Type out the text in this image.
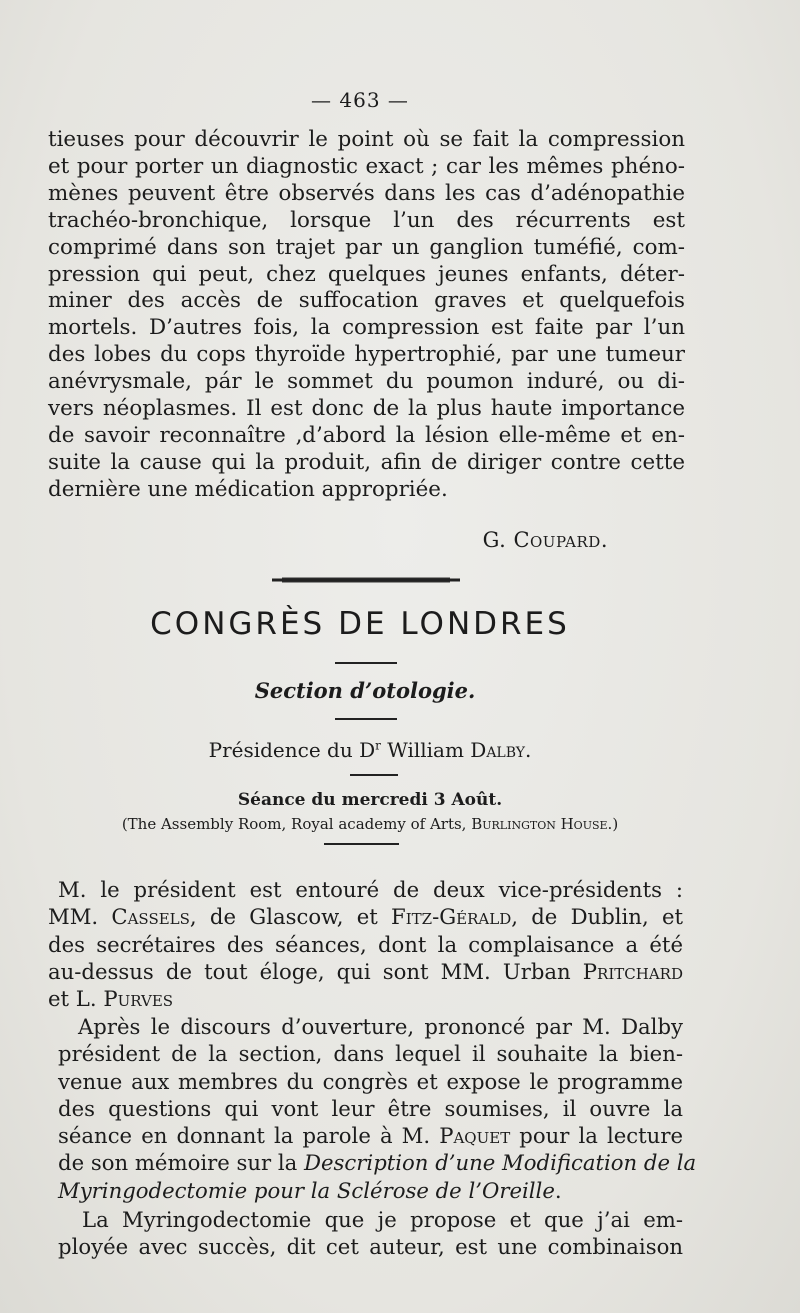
— 463 —
tieuses pour découvrir le point où se fait la compression
et pour porter un diagnostic exact ; car les mêmes phéno-
mènes peuvent être observés dans les cas d’adénopathie
trachéo-bronchique, lorsque l’un des récurrents est
comprimé dans son trajet par un ganglion tuméfié, com-
pression qui peut, chez quelques jeunes enfants, déter-
miner des accès de suffocation graves et quelquefois
mortels. D’autres fois, la compression est faite par l’un
des lobes du cops thyroïde hypertrophié, par une tumeur
anévrysmale, pár le sommet du poumon induré, ou di-
vers néoplasmes. Il est donc de la plus haute importance
de savoir reconnaître ‚d’abord la lésion elle-même et en-
suite la cause qui la produit, afin de diriger contre cette
dernière une médication appropriée.
G. Coupard.
CONGRÈS DE LONDRES
Section d’otologie.
Présidence du $D^r$ William Dalby.
Séance du mercredi 3 Août.
(The Assembly Room, Royal academy of Arts, Burlington House.)
M. le président est entouré de deux vice-présidents :
MM. Cassels, de Glascow, et Fitz-Gérald, de Dublin, et
des secrétaires des séances, dont la complaisance a été
au-dessus de tout éloge, qui sont MM. Urban Pritchard
et L. Purves
Après le discours d’ouverture, prononcé par M. Dalby
président de la section, dans lequel il souhaite la bien-
venue aux membres du congrès et expose le programme
des questions qui vont leur être soumises, il ouvre la
séance en donnant la parole à M. Paquet pour la lecture
de son mémoire sur la Description d’une Modification de la
Myringodectomie pour la Sclérose de l’Oreille.
La Myringodectomie que je propose et que j’ai em-
ployée avec succès, dit cet auteur, est une combinaison
